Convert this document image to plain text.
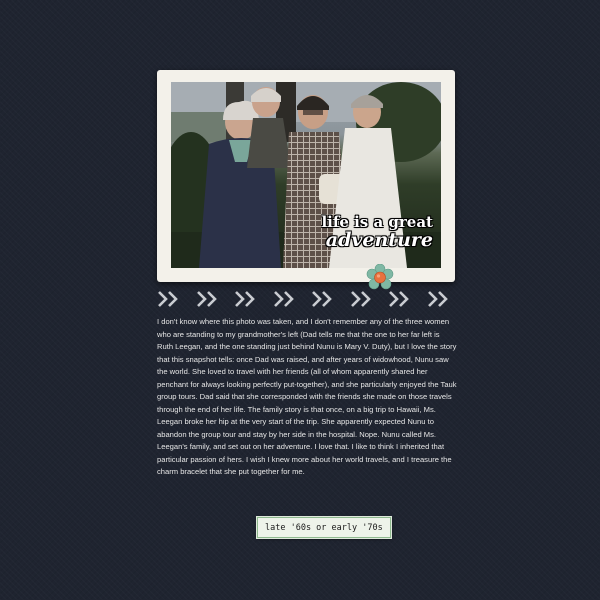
life is a great
adventure

I don't know where this photo was taken, and I don't remember any of the three women who are standing to my grandmother's left (Dad tells me that the one to her far left is Ruth Leegan, and the one standing just behind Nunu is Mary V. Duty), but I love the story that this snapshot tells: once Dad was raised, and after years of widowhood, Nunu saw the world. She loved to travel with her friends (all of whom apparently shared her penchant for always looking perfectly put-together), and she particularly enjoyed the Tauk group tours. Dad said that she corresponded with the friends she made on those travels through the end of her life. The family story is that once, on a big trip to Hawaii, Ms. Leegan broke her hip at the very start of the trip. She apparently expected Nunu to abandon the group tour and stay by her side in the hospital. Nope. Nunu called Ms. Leegan's family, and set out on her adventure. I love that. I like to think I inherited that particular passion of hers. I wish I knew more about her world travels, and I treasure the charm bracelet that she put together for me.

late '60s or early '70s
